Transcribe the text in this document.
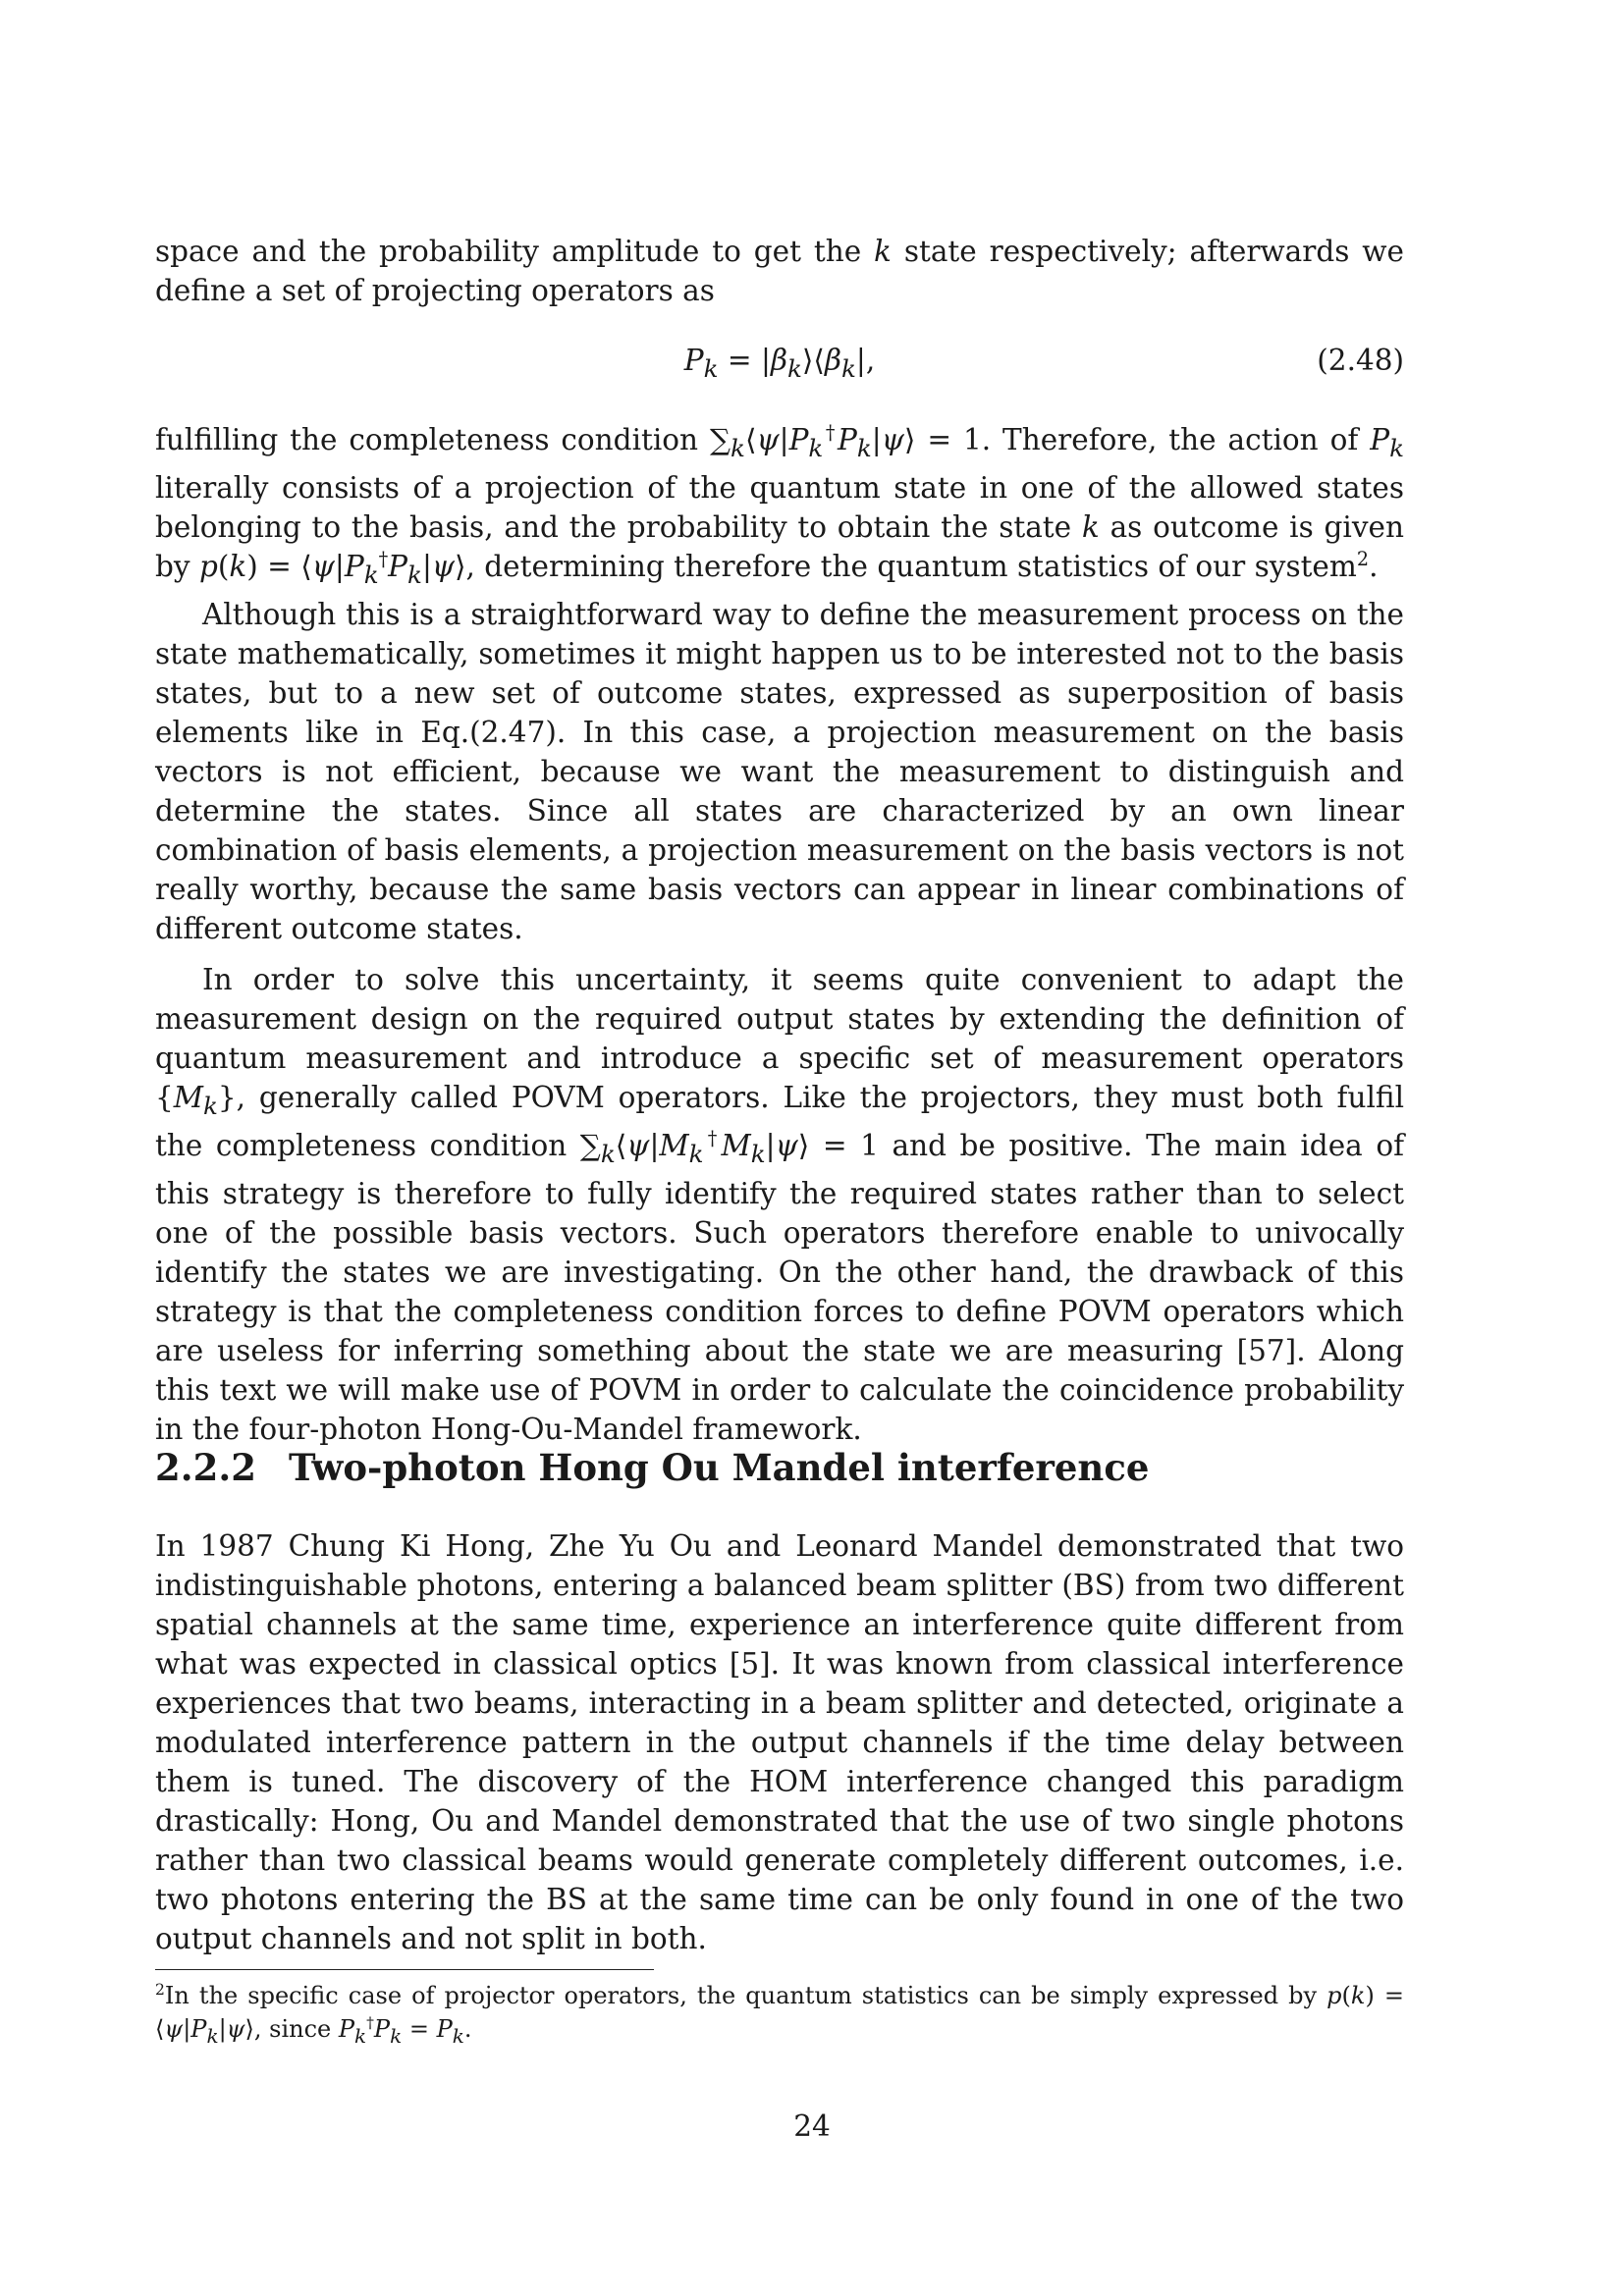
space and the probability amplitude to get the k state respectively; afterwards we define a set of projecting operators as

$P_k$ = $|\beta_k⟩⟨\beta_k|$,	(2.48)

fulfilling the completeness condition $\sum_k⟨\psi|P_k^\dagger P_k|\psi⟩ = 1$. Therefore, the action of $P_k$ literally consists of a projection of the quantum state in one of the allowed states belonging to the basis, and the probability to obtain the state k as outcome is given by $p(k) = ⟨\psi|P_k^\dagger P_k|\psi⟩$, determining therefore the quantum statistics of our system$^2$.

Although this is a straightforward way to define the measurement process on the state mathematically, sometimes it might happen us to be interested not to the basis states, but to a new set of outcome states, expressed as superposition of basis elements like in Eq.(2.47). In this case, a projection measurement on the basis vectors is not efficient, because we want the measurement to distinguish and determine the states. Since all states are characterized by an own linear combination of basis elements, a projection measurement on the basis vectors is not really worthy, because the same basis vectors can appear in linear combinations of different outcome states.

In order to solve this uncertainty, it seems quite convenient to adapt the measurement design on the required output states by extending the definition of quantum measurement and introduce a specific set of measurement operators $\{M_k\}$, generally called POVM operators. Like the projectors, they must both fulfil the completeness condition $\sum_k⟨\psi|M_k^\dagger M_k|\psi⟩ = 1$ and be positive. The main idea of this strategy is therefore to fully identify the required states rather than to select one of the possible basis vectors. Such operators therefore enable to univocally identify the states we are investigating. On the other hand, the drawback of this strategy is that the completeness condition forces to define POVM operators which are useless for inferring something about the state we are measuring [57]. Along this text we will make use of POVM in order to calculate the coincidence probability in the four-photon Hong-Ou-Mandel framework.

2.2.2 Two-photon Hong Ou Mandel interference

In 1987 Chung Ki Hong, Zhe Yu Ou and Leonard Mandel demonstrated that two indistinguishable photons, entering a balanced beam splitter (BS) from two different spatial channels at the same time, experience an interference quite different from what was expected in classical optics [5]. It was known from classical interference experiences that two beams, interacting in a beam splitter and detected, originate a modulated interference pattern in the output channels if the time delay between them is tuned. The discovery of the HOM interference changed this paradigm drastically: Hong, Ou and Mandel demonstrated that the use of two single photons rather than two classical beams would generate completely different outcomes, i.e. two photons entering the BS at the same time can be only found in one of the two output channels and not split in both.

$^2$In the specific case of projector operators, the quantum statistics can be simply expressed by $p(k) = ⟨\psi|P_k|\psi⟩$, since $P_k^\dagger P_k = P_k$.
24
